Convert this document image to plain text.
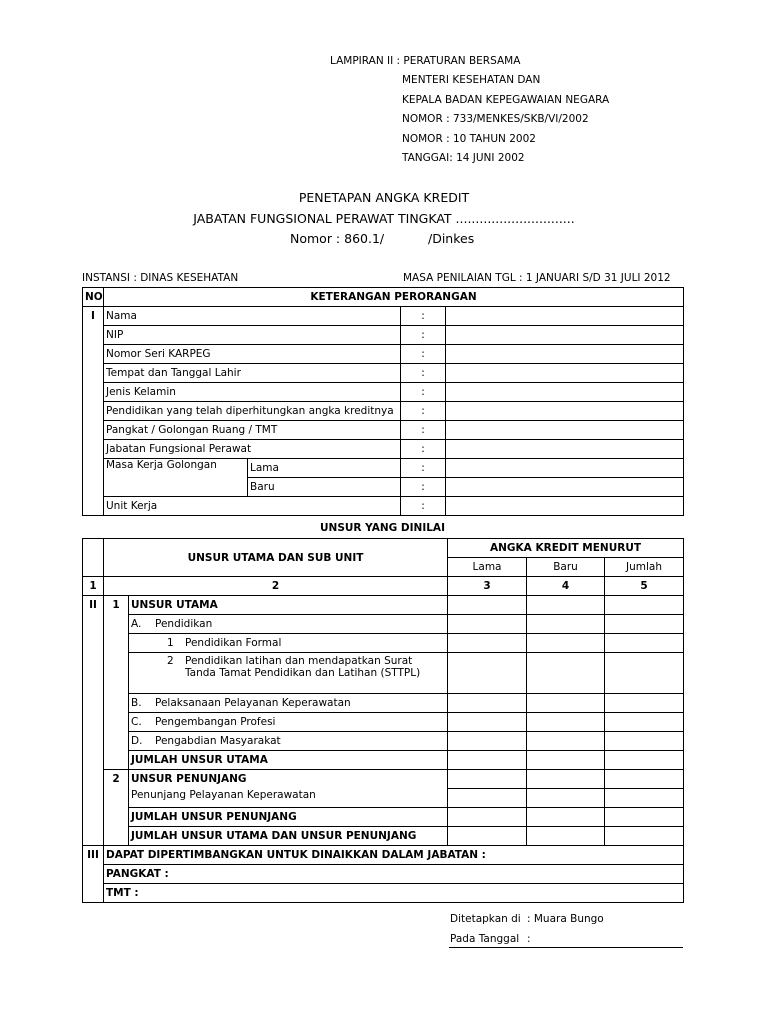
LAMPIRAN II : PERATURAN BERSAMA
MENTERI KESEHATAN DAN
KEPALA BADAN KEPEGAWAIAN NEGARA
NOMOR : 733/MENKES/SKB/VI/2002
NOMOR : 10 TAHUN 2002
TANGGAI: 14 JUNI 2002
PENETAPAN ANGKA KREDIT
JABATAN FUNGSIONAL PERAWAT TINGKAT ..............................
Nomor : 860.1/	/Dinkes
INSTANSI : DINAS KESEHATAN	MASA PENILAIAN TGL : 1 JANUARI S/D 31 JULI 2012
NO	KETERANGAN PERORANGAN			
I	Nama		:	
	NIP		:	
	Nomor Seri KARPEG		:	
	Tempat dan Tanggal Lahir		:	
	Jenis Kelamin		:	
	Pendidikan yang telah diperhitungkan angka kreditnya		:	
	Pangkat / Golongan Ruang / TMT		:	
	Jabatan Fungsional Perawat		:	
	Masa Kerja Golongan	Lama	:	
		Baru	:	
	Unit Kerja		:	
UNSUR YANG DINILAI
	UNSUR UTAMA DAN SUB UNIT		ANGKA KREDIT MENURUT		
			Lama	Baru	Jumlah
1	2		3	4	5
II	1	UNSUR UTAMA			
		A. Pendidikan			
		1 Pendidikan Formal			

		2 Pendidikan latihan dan mendapatkan Surat Tanda Tamat Pendidikan dan Latihan (STTPL)			

		B. Pelaksanaan Pelayanan Keperawatan			
		C. Pengembangan Profesi			
		D. Pengabdian Masyarakat			
		JUMLAH UNSUR UTAMA			
	2	UNSUR PENUNJANG			
		Penunjang Pelayanan Keperawatan			
		JUMLAH UNSUR PENUNJANG			
		JUMLAH UNSUR UTAMA DAN UNSUR PENUNJANG			
III	DAPAT DIPERTIMBANGKAN UNTUK DINAIKKAN DALAM JABATAN :				
	PANGKAT :				
	TMT :				
Ditetapkan di : Muara Bungo
Pada Tanggal :
